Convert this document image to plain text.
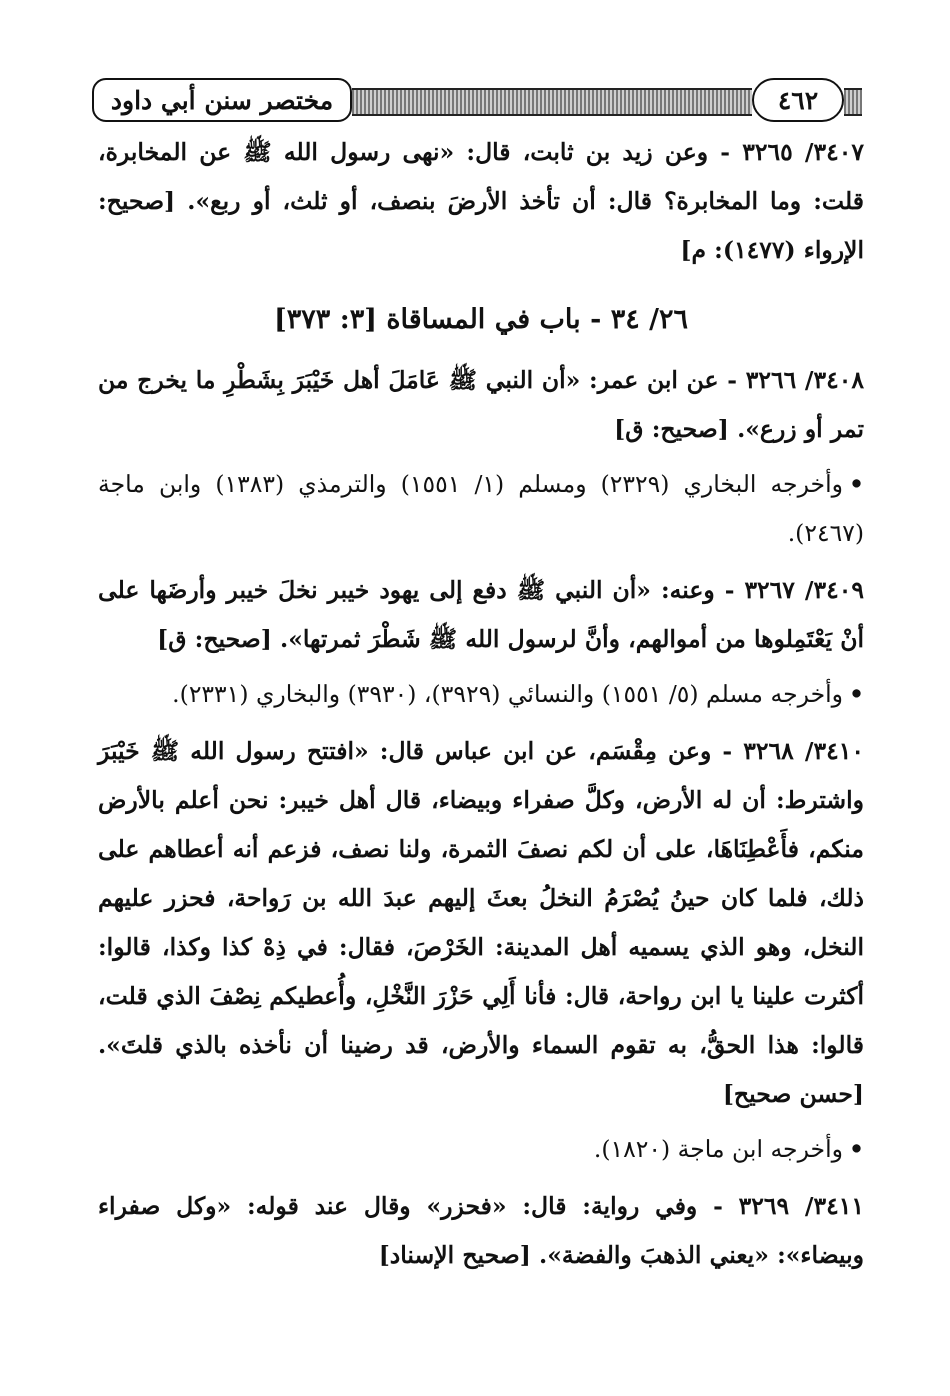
مختصر سنن أبي داود	٤٦٢

٣٤٠٧/ ٣٢٦٥ - وعن زيد بن ثابت، قال: «نهى رسول الله ﷺ عن المخابرة، قلت: وما المخابرة؟ قال: أن تأخذ الأرضَ بنصف، أو ثلث، أو ربع». [صحيح: الإرواء (١٤٧٧): م]

٢٦/ ٣٤ - باب في المساقاة [٣: ٣٧٣]

٣٤٠٨/ ٣٢٦٦ - عن ابن عمر: «أن النبي ﷺ عَامَلَ أهل خَيْبَرَ بِشَطْرِ ما يخرج من تمر أو زرع». [صحيح: ق]

•وأخرجه البخاري (٢٣٢٩) ومسلم (١/ ١٥٥١) والترمذي (١٣٨٣) وابن ماجة (٢٤٦٧).

٣٤٠٩/ ٣٢٦٧ - وعنه: «أن النبي ﷺ دفع إلى يهود خيبر نخلَ خيبر وأرضَها على أنْ يَعْتَمِلوها من أموالهم، وأنَّ لرسول الله ﷺ شَطْرَ ثمرتها». [صحيح: ق]

•وأخرجه مسلم (٥/ ١٥٥١) والنسائي (٣٩٢٩)، (٣٩٣٠) والبخاري (٢٣٣١).

٣٤١٠/ ٣٢٦٨ - وعن مِقْسَم، عن ابن عباس قال: «افتتح رسول الله ﷺ خَيْبَرَ واشترط: أن له الأرض، وكلَّ صفراء وبيضاء، قال أهل خيبر: نحن أعلم بالأرض منكم، فأَعْطِنَاهَا، على أن لكم نصفَ الثمرة، ولنا نصف، فزعم أنه أعطاهم على ذلك، فلما كان حينُ يُصْرَمُ النخلُ بعثَ إليهم عبدَ الله بن رَواحة، فحزر عليهم النخل، وهو الذي يسميه أهل المدينة: الخَرْصَ، فقال: في ذِهْ كذا وكذا، قالوا: أكثرت علينا يا ابن رواحة، قال: فأنا أَلِي حَزْرَ النَّخْلِ، وأُعطيكم نِصْفَ الذي قلت، قالوا: هذا الحقُّ، به تقوم السماء والأرض، قد رضينا أن نأخذه بالذي قلتَ». [حسن صحيح]

•وأخرجه ابن ماجة (١٨٢٠).

٣٤١١/ ٣٢٦٩ - وفي رواية: قال: «فحزر» وقال عند قوله: «وكل صفراء وبيضاء»: «يعني الذهبَ والفضة». [صحيح الإسناد]
